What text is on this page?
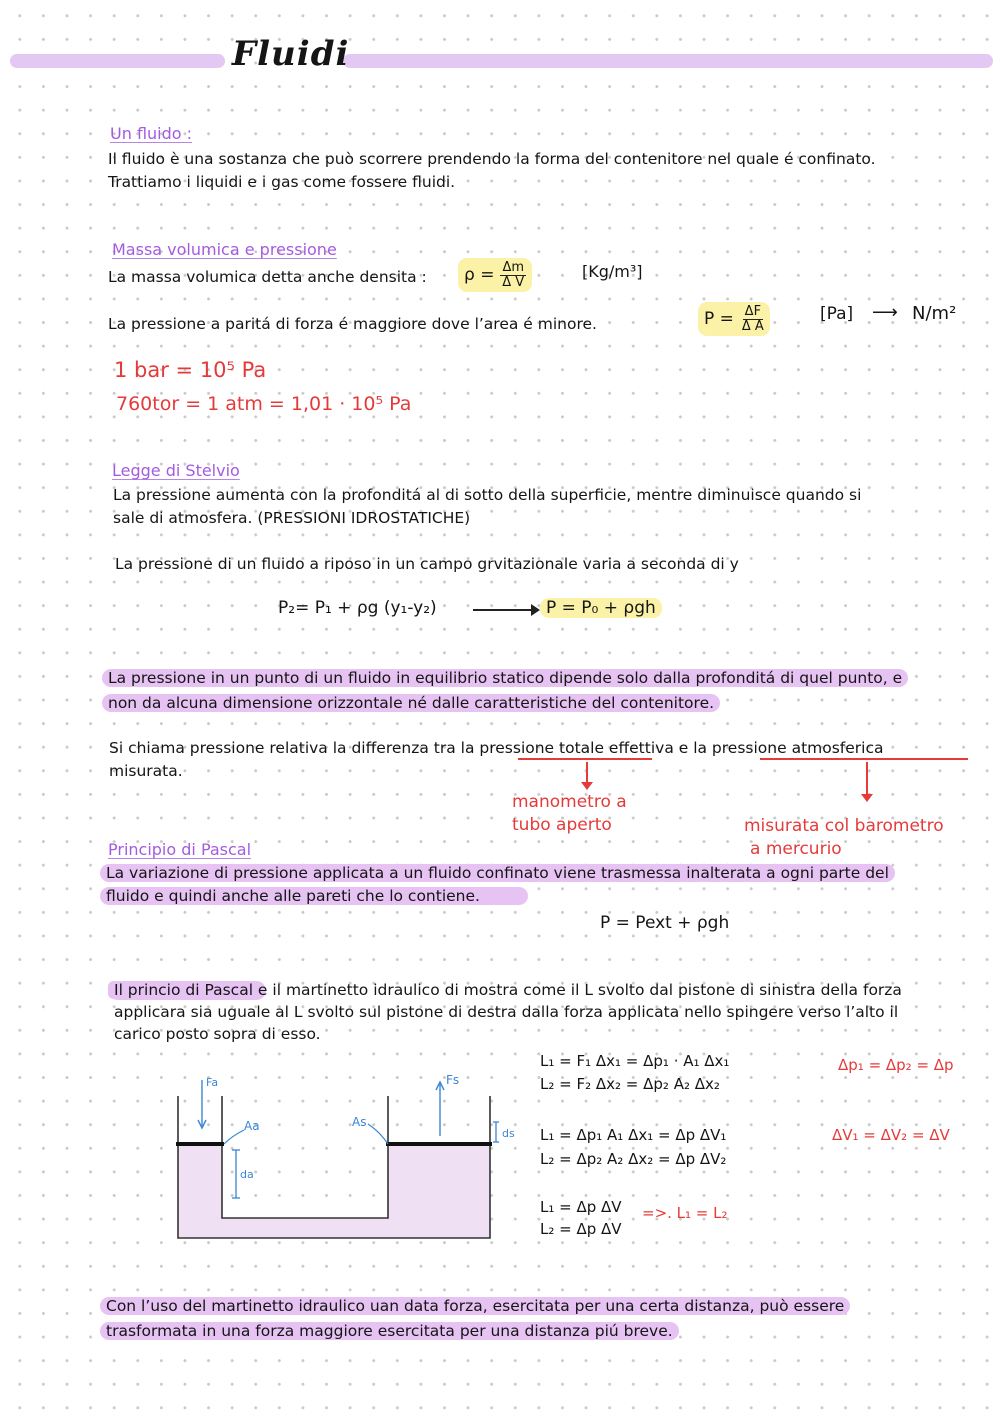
Fluidi
Un fluido :
Il fluido è una sostanza che può scorrere prendendo la forma del contenitore nel quale é confinato.
Trattiamo i liquidi e i gas come fossere fluidi.
Massa volumica e pressione
La massa volumica detta anche densita : $\rho = \frac{\Delta m}{\text{Δ V}}$	[Kg/m³]
La pressione a paritá di forza é maggiore dove l’area é minore.	$P = \frac{\Delta F}{\text{Δ A}}$	[Pa] ⟶ N/m²
1 bar = 10⁵ Pa
760tor = 1 atm = 1,01 · 10⁵ Pa
Legge di Stelvio
La pressione aumenta con la profonditá al di sotto della superficie, mentre diminuisce quando si
sale di atmosfera. (PRESSIONI IDROSTATICHE)
La pressione di un fluido a riposo in un campo grvitazionale varia a seconda di y
P₂= P₁ + ρg (y₁-y₂)	P = P₀ + ρgh
La pressione in un punto di un fluido in equilibrio statico dipende solo dalla profonditá di quel punto, e
non da alcuna dimensione orizzontale né dalle caratteristiche del contenitore.
Si chiama pressione relativa la differenza tra la pressione totale effettiva e la pressione atmosferica
misurata.
manometro a
tubo aperto	misurata col barometro
a mercurio
Principio di Pascal
La variazione di pressione applicata a un fluido confinato viene trasmessa inalterata a ogni parte del
fluido e quindi anche alle pareti che lo contiene.
P = Pext + ρgh

Il princio di Pascal e il martinetto idraulico di mostra come il L svolto dal pistone di sinistra della forza
applicara sia uguale al L svolto sul pistone di destra dalla forza applicata nello spingere verso l’alto il
carico posto sopra di esso.
Fa	Fs
Aa	As
da
ds
L₁ = F₁ Δx₁ = Δp₁ · A₁ Δx₁
L₂ = F₂ Δx₂ = Δp₂ A₂ Δx₂
L₁ = Δp₁ A₁ Δx₁ = Δp ΔV₁
L₂ = Δp₂ A₂ Δx₂ = Δp ΔV₂
L₁ = Δp ΔV
L₂ = Δp ΔV
=>. L₁ = L₂
Δp₁ = Δp₂ = Δp
ΔV₁ = ΔV₂ = ΔV
Con l’uso del martinetto idraulico uan data forza, esercitata per una certa distanza, può essere
trasformata in una forza maggiore esercitata per una distanza piú breve.
